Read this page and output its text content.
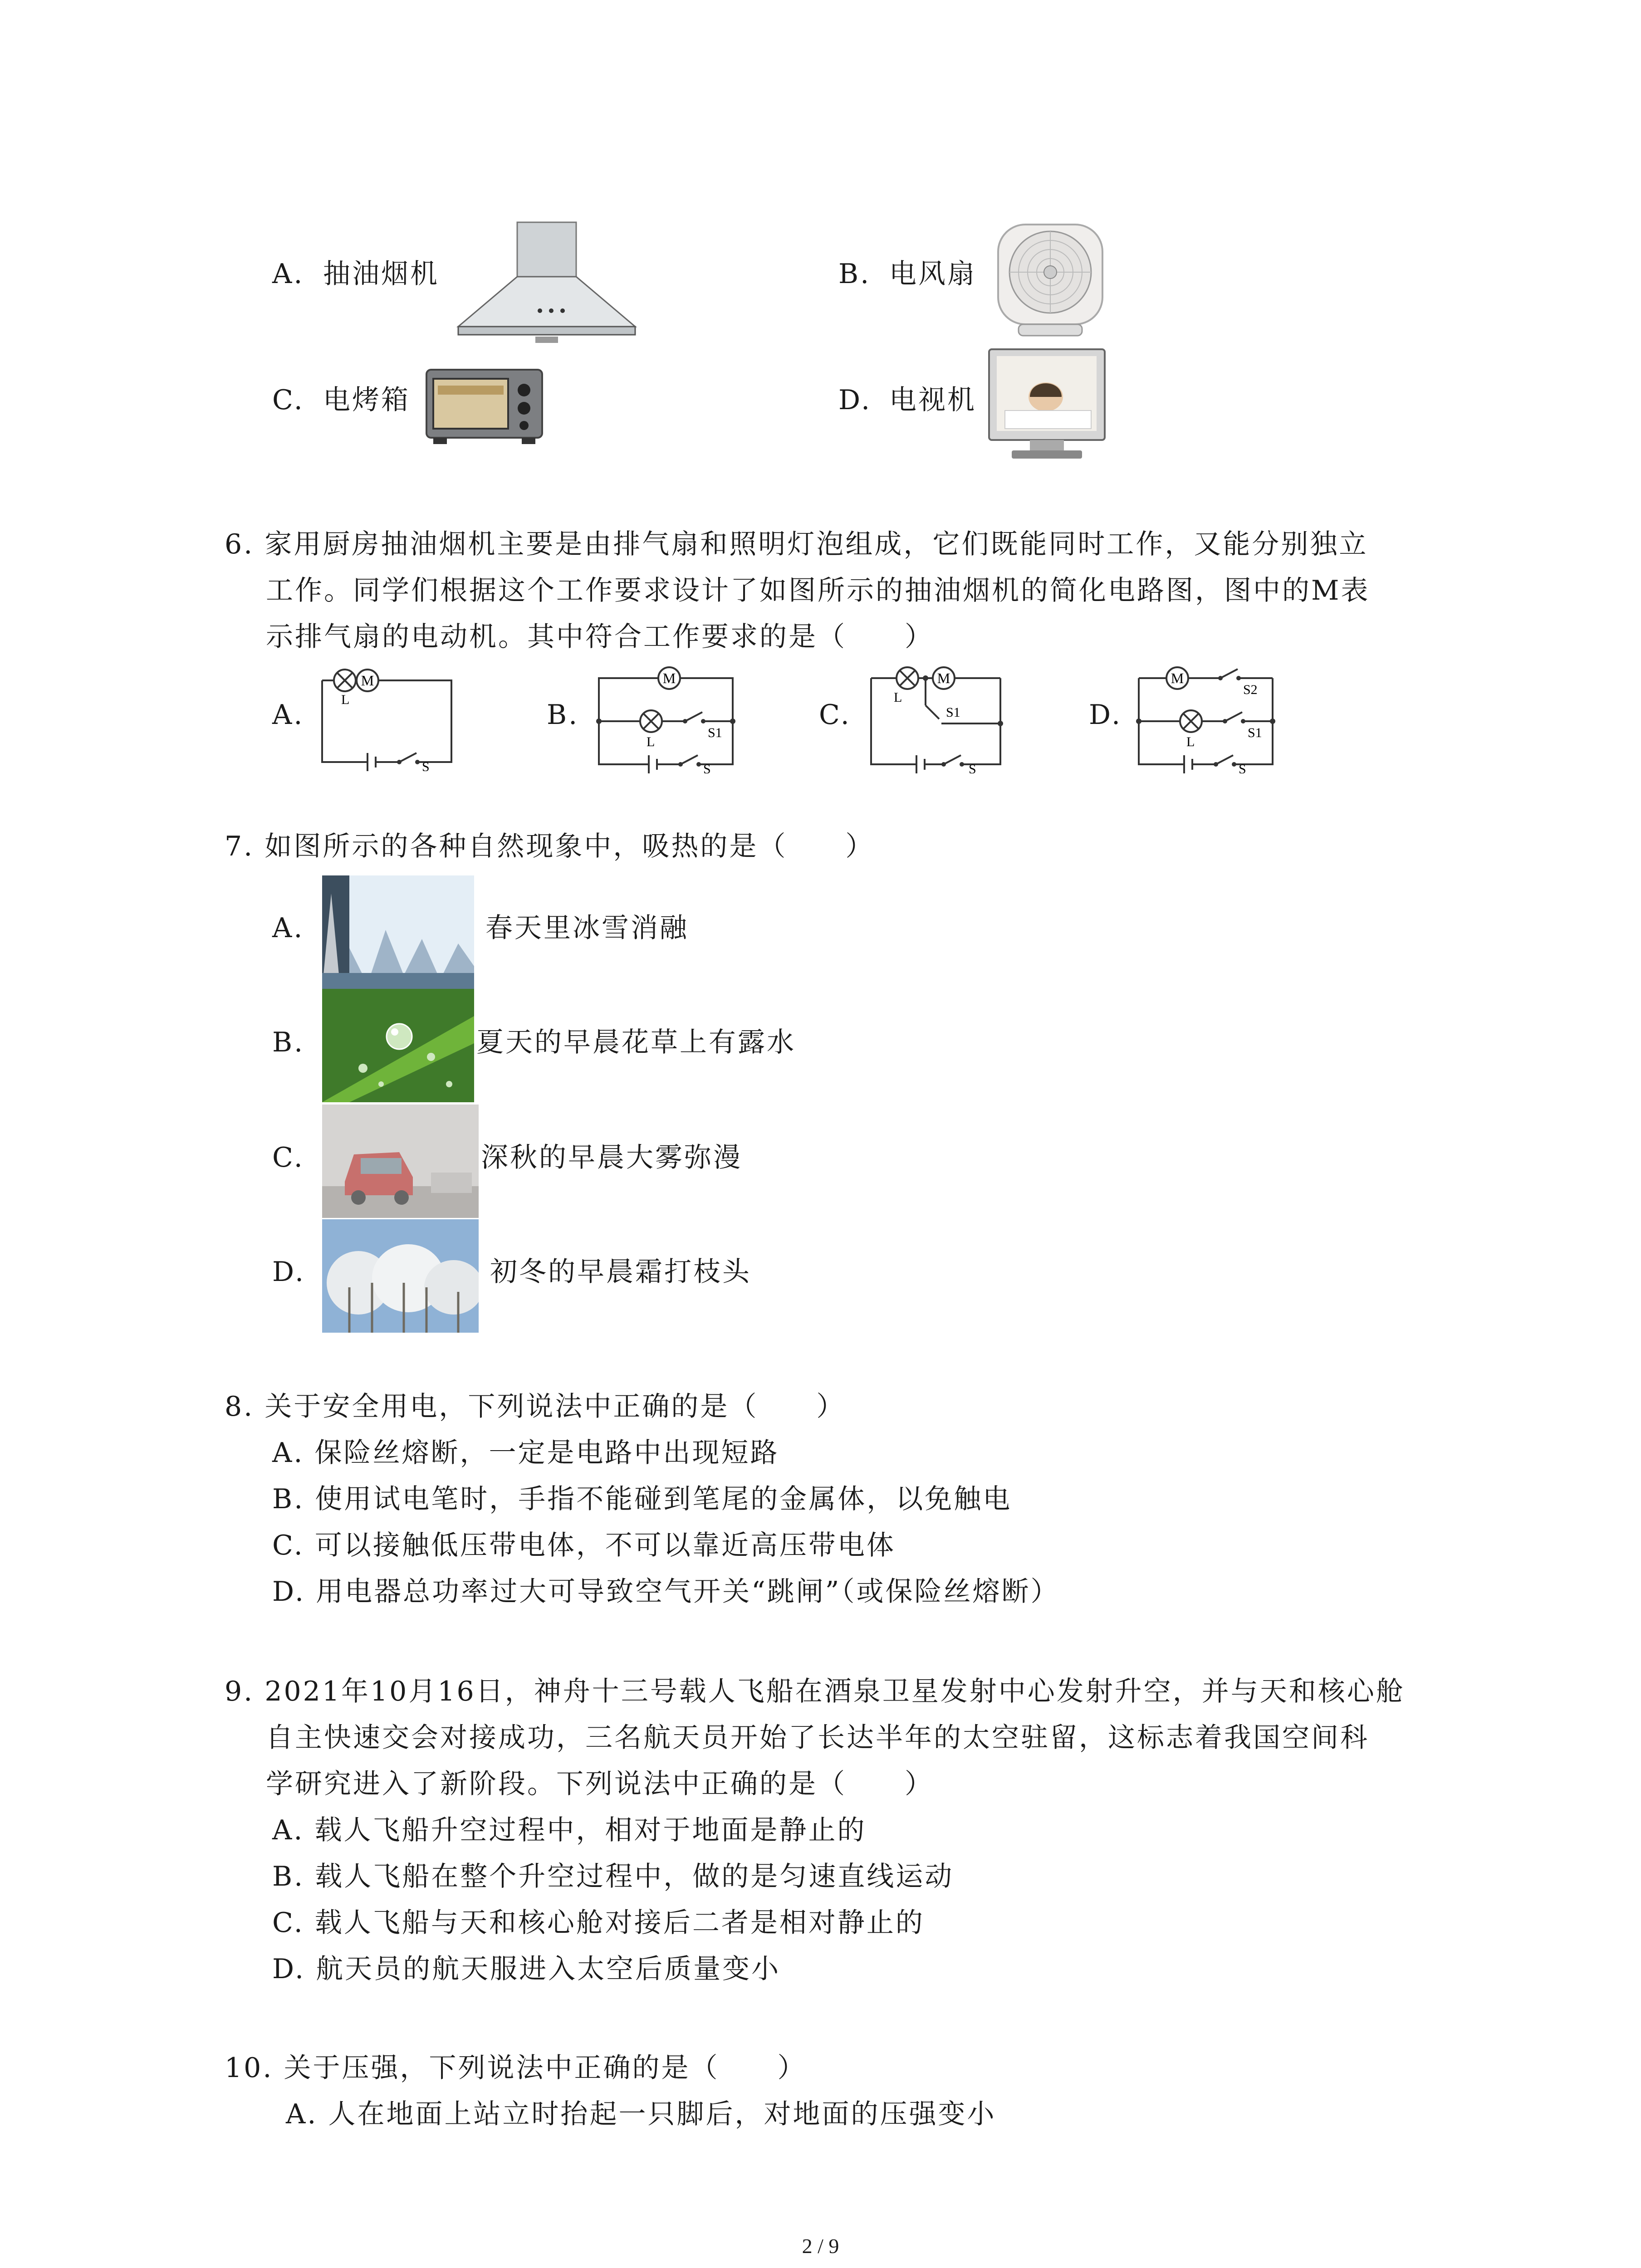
A. 抽油烟机	B. 电风扇
C. 电烤箱	D. 电视机
6. 家用厨房抽油烟机主要是由排气扇和照明灯泡组成，它们既能同时工作，又能分别独立
工作。同学们根据这个工作要求设计了如图所示的抽油烟机的简化电路图，图中的M表
示排气扇的电动机。其中符合工作要求的是（　　）
A.
M
L
S
B.
M
L
S1
S
C.
M
L
S1
S
D.
M
L
S2
S1
S
7. 如图所示的各种自然现象中，吸热的是（　　）
A.	春天里冰雪消融
B.	夏天的早晨花草上有露水
C.	深秋的早晨大雾弥漫
D.	初冬的早晨霜打枝头
8. 关于安全用电，下列说法中正确的是（　　）
A. 保险丝熔断，一定是电路中出现短路
B. 使用试电笔时，手指不能碰到笔尾的金属体，以免触电
C. 可以接触低压带电体，不可以靠近高压带电体
D. 用电器总功率过大可导致空气开关“跳闸”（或保险丝熔断）
9. 2021年10月16日，神舟十三号载人飞船在酒泉卫星发射中心发射升空，并与天和核心舱
自主快速交会对接成功，三名航天员开始了长达半年的太空驻留，这标志着我国空间科
学研究进入了新阶段。下列说法中正确的是（　　）
A. 载人飞船升空过程中，相对于地面是静止的
B. 载人飞船在整个升空过程中，做的是匀速直线运动
C. 载人飞船与天和核心舱对接后二者是相对静止的
D. 航天员的航天服进入太空后质量变小
10. 关于压强，下列说法中正确的是（　　）
A. 人在地面上站立时抬起一只脚后，对地面的压强变小
2 / 9
